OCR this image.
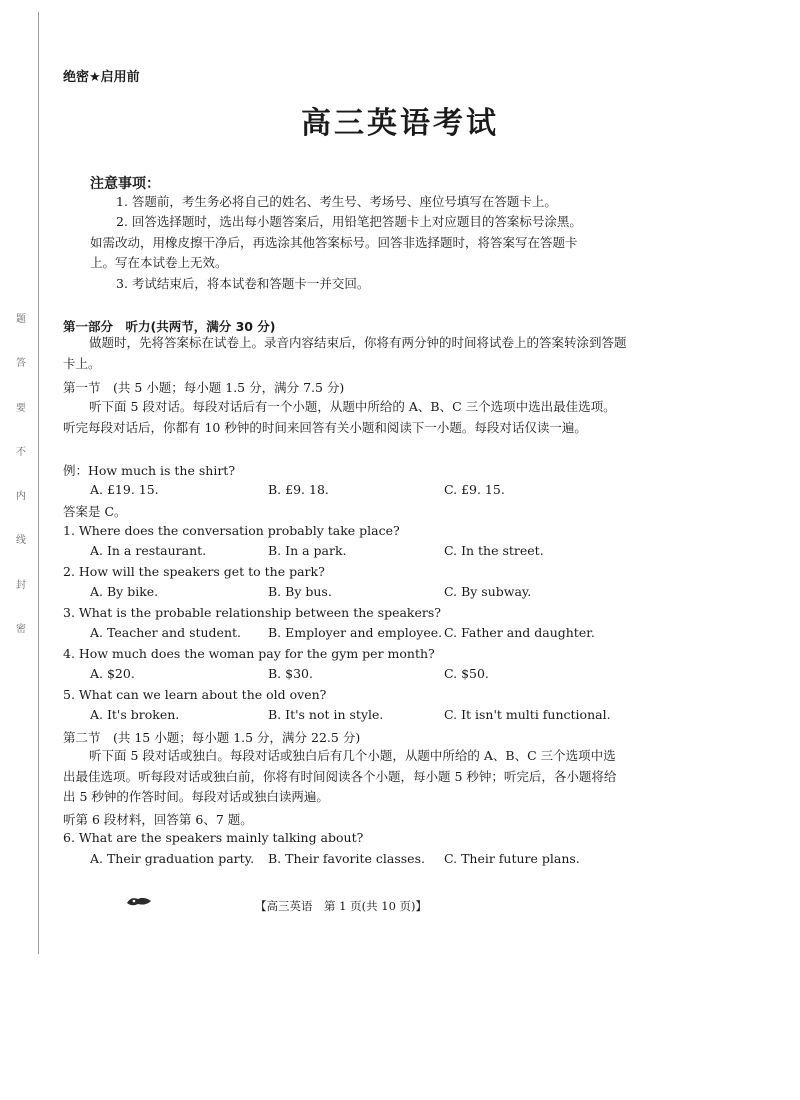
题
答
要
不
内
线
封
密
绝密★启用前
高三英语考试
注意事项：
1. 答题前，考生务必将自己的姓名、考生号、考场号、座位号填写在答题卡上。
2. 回答选择题时，选出每小题答案后，用铅笔把答题卡上对应题目的答案标号涂黑。如需改动，用橡皮擦干净后，再选涂其他答案标号。回答非选择题时，将答案写在答题卡上。写在本试卷上无效。
3. 考试结束后，将本试卷和答题卡一并交回。
第一部分　听力(共两节，满分 30 分)
做题时，先将答案标在试卷上。录音内容结束后，你将有两分钟的时间将试卷上的答案转涂到答题卡上。
第一节　(共 5 小题；每小题 1.5 分，满分 7.5 分)
听下面 5 段对话。每段对话后有一个小题，从题中所给的 A、B、C 三个选项中选出最佳选项。听完每段对话后，你都有 10 秒钟的时间来回答有关小题和阅读下一小题。每段对话仅读一遍。
例：How much is the shirt?
A. £19. 15.	B. £9. 18.	C. £9. 15.
答案是 C。
1. Where does the conversation probably take place?
A. In a restaurant.	B. In a park.	C. In the street.
2. How will the speakers get to the park?
A. By bike.	B. By bus.	C. By subway.
3. What is the probable relationship between the speakers?
A. Teacher and student. B. Employer and employee. C. Father and daughter.
4. How much does the woman pay for the gym per month?
A. $20.	B. $30.	C. $50.
5. What can we learn about the old oven?
A. It's broken.	B. It's not in style.	C. It isn't multi functional.
第二节　(共 15 小题；每小题 1.5 分，满分 22.5 分)
听下面 5 段对话或独白。每段对话或独白后有几个小题，从题中所给的 A、B、C 三个选项中选出最佳选项。听每段对话或独白前，你将有时间阅读各个小题，每小题 5 秒钟；听完后，各小题将给出 5 秒钟的作答时间。每段对话或独白读两遍。
听第 6 段材料，回答第 6、7 题。
6. What are the speakers mainly talking about?
A. Their graduation party. B. Their favorite classes. C. Their future plans.
【高三英语　第 1 页(共 10 页)】
